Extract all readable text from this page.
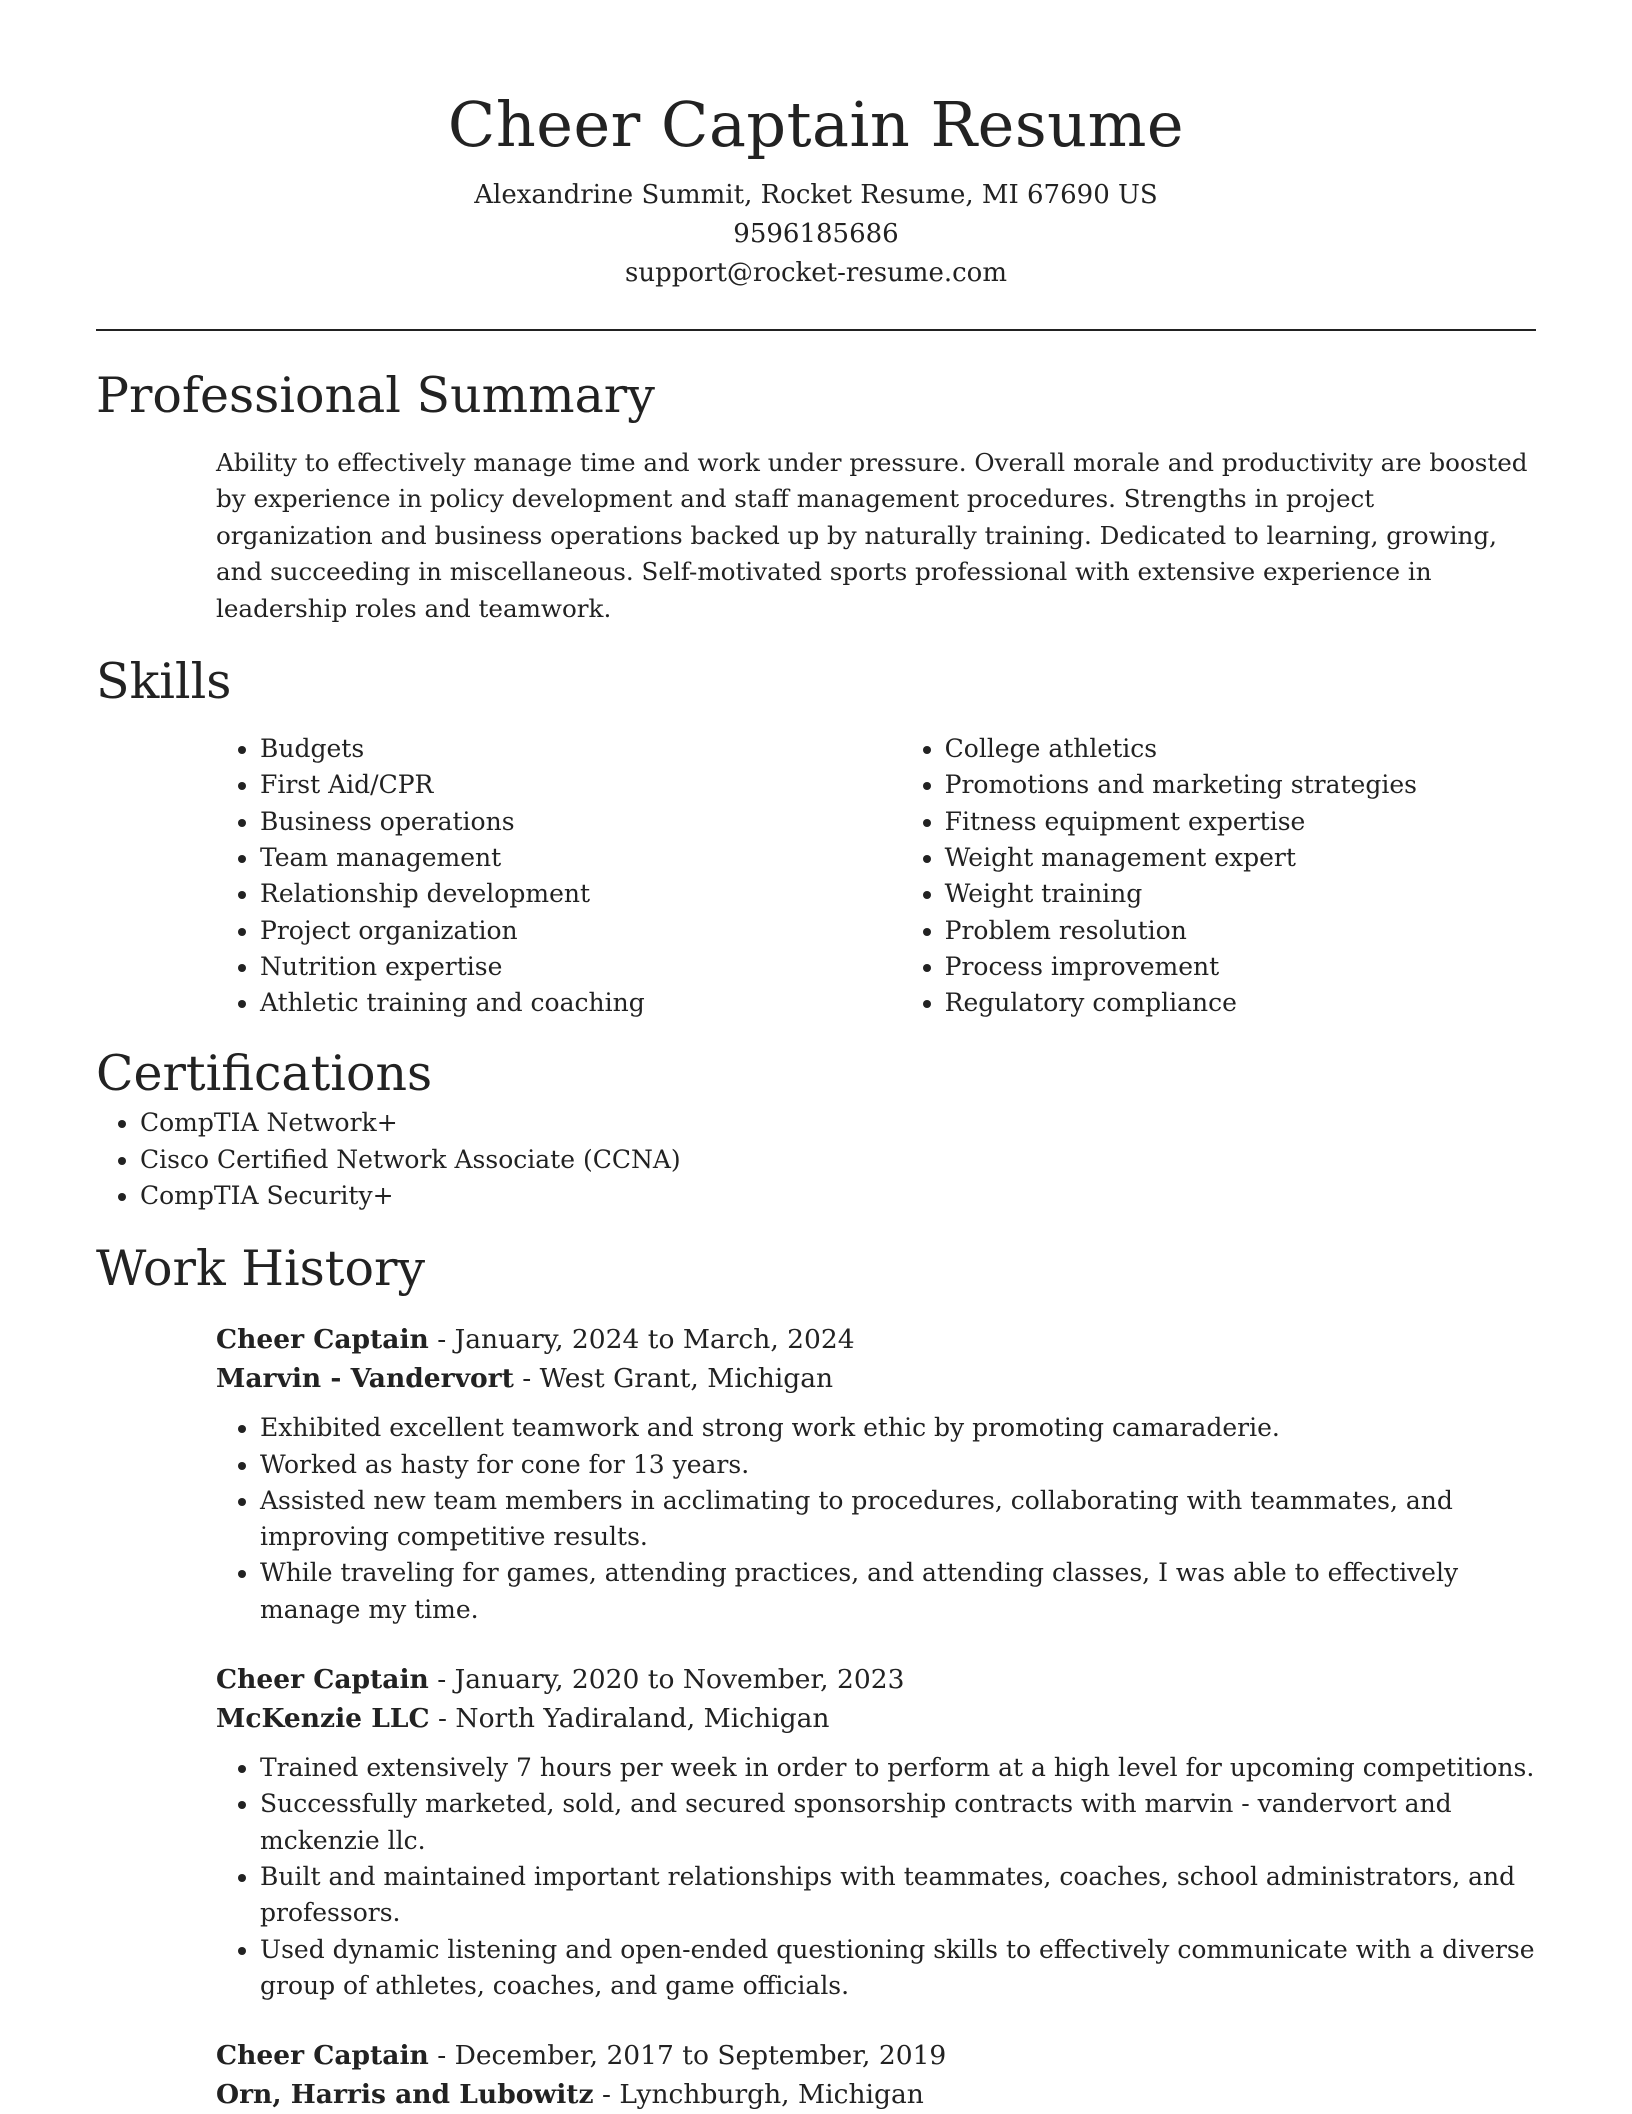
Cheer Captain Resume
Alexandrine Summit, Rocket Resume, MI 67690 US
9596185686
support@rocket-resume.com
Professional Summary

Ability to effectively manage time and work under pressure. Overall morale and productivity are boosted by experience in policy development and staff management procedures. Strengths in project organization and business operations backed up by naturally training. Dedicated to learning, growing, and succeeding in miscellaneous. Self-motivated sports professional with extensive experience in leadership roles and teamwork.

Skills
• Budgets
• First Aid/CPR
• Business operations
• Team management
• Relationship development
• Project organization
• Nutrition expertise
• Athletic training and coaching
• College athletics
• Promotions and marketing strategies
• Fitness equipment expertise
• Weight management expert
• Weight training
• Problem resolution
• Process improvement
• Regulatory compliance
Certifications
• CompTIA Network+
• Cisco Certified Network Associate (CCNA)
• CompTIA Security+
Work History
Cheer Captain - January, 2024 to March, 2024
Marvin - Vandervort - West Grant, Michigan
• Exhibited excellent teamwork and strong work ethic by promoting camaraderie.
• Worked as hasty for cone for 13 years.
• Assisted new team members in acclimating to procedures, collaborating with teammates, and improving competitive results.
• While traveling for games, attending practices, and attending classes, I was able to effectively manage my time.
Cheer Captain - January, 2020 to November, 2023
McKenzie LLC - North Yadiraland, Michigan
• Trained extensively 7 hours per week in order to perform at a high level for upcoming competitions.
• Successfully marketed, sold, and secured sponsorship contracts with marvin - vandervort and mckenzie llc.
• Built and maintained important relationships with teammates, coaches, school administrators, and professors.
• Used dynamic listening and open-ended questioning skills to effectively communicate with a diverse group of athletes, coaches, and game officials.
Cheer Captain - December, 2017 to September, 2019
Orn, Harris and Lubowitz - Lynchburgh, Michigan
